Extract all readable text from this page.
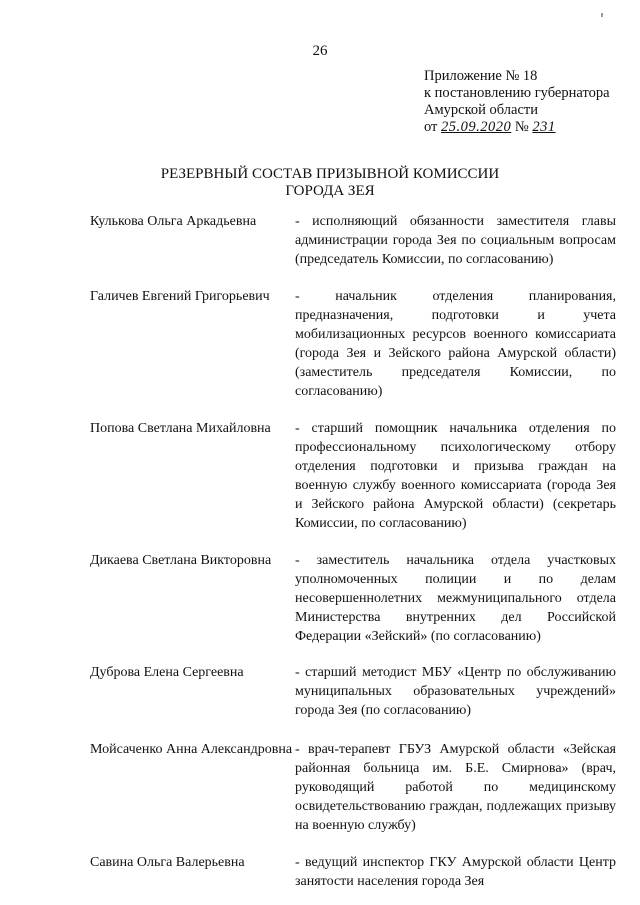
26
Приложение № 18
к постановлению губернатора
Амурской области
от 25.09.2020 № 231
РЕЗЕРВНЫЙ СОСТАВ ПРИЗЫВНОЙ КОМИССИИ
ГОРОДА ЗЕЯ
Кулькова Ольга Аркадьевна	- исполняющий обязанности заместителя главы администрации города Зея по социальным вопросам (председатель Комиссии, по согласованию)
Галичев Евгений Григорьевич	- начальник отделения планирования, предназначения, подготовки и учета мобилизационных ресурсов военного комиссариата (города Зея и Зейского района Амурской области) (заместитель председателя Комиссии, по согласованию)
Попова Светлана Михайловна	- старший помощник начальника отделения по профессиональному психологическому отбору отделения подготовки и призыва граждан на военную службу военного комиссариата (города Зея и Зейского района Амурской области) (секретарь Комиссии, по согласованию)
Дикаева Светлана Викторовна	- заместитель начальника отдела участковых уполномоченных полиции и по делам несовершеннолетних межмуниципального отдела Министерства внутренних дел Российской Федерации «Зейский» (по согласованию)
Дуброва Елена Сергеевна	- старший методист МБУ «Центр по обслуживанию муниципальных образовательных учреждений» города Зея (по согласованию)
Мойсаченко Анна Александровна - врач-терапевт ГБУЗ Амурской области «Зейская районная больница им. Б.Е. Смирнова» (врач, руководящий работой по медицинскому освидетельствованию граждан, подлежащих призыву на военную службу)
Савина Ольга Валерьевна	- ведущий инспектор ГКУ Амурской области Центр занятости населения города Зея
